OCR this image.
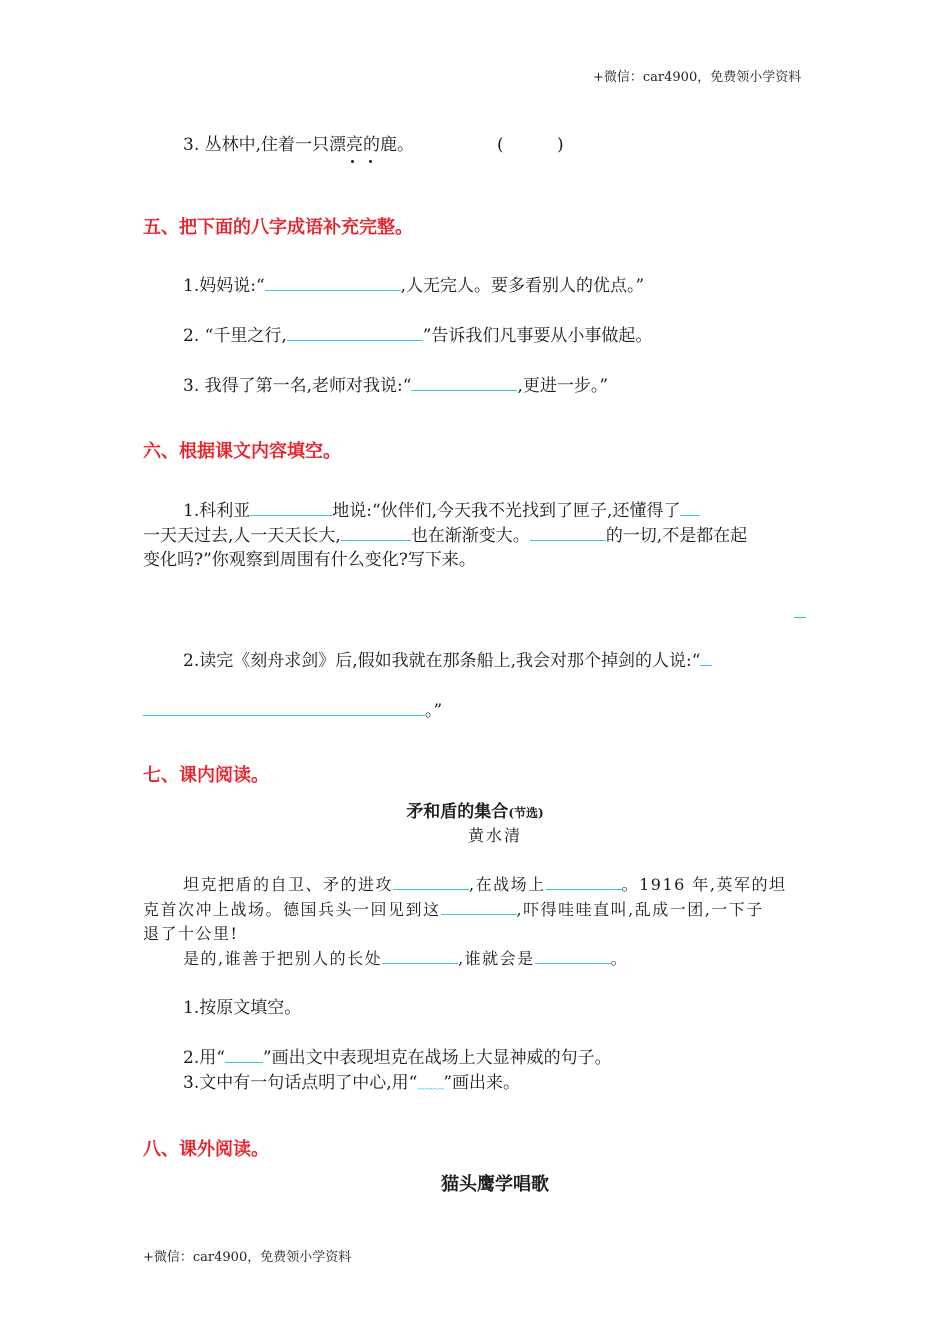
+微信：car4900，免费领小学资料
3. 丛林中,住着一只漂亮的鹿。	(	)
五、把下面的八字成语补充完整。
1.妈妈说:“	,人无完人。要多看别人的优点。”
2. “千里之行,	”告诉我们凡事要从小事做起。
3. 我得了第一名,老师对我说:“	,更进一步。”
六、根据课文内容填空。
1.科利亚	地说:“伙伴们,今天我不光找到了匣子,还懂得了
一天天过去,人一天天长大,	也在渐渐变大。	的一切,不是都在起
变化吗?”你观察到周围有什么变化?写下来。
2.读完《刻舟求剑》后,假如我就在那条船上,我会对那个掉剑的人说:“
。”
七、课内阅读。
矛和盾的集合(节选)
黄水清
坦克把盾的自卫、矛的进攻	,在战场上	。1916 年,英军的坦
克首次冲上战场。德国兵头一回见到这	,吓得哇哇直叫,乱成一团,一下子
退了十公里!
是的,谁善于把别人的长处	,谁就会是	。
1.按原文填空。
2.用“ ”画出文中表现坦克在战场上大显神威的句子。
3.文中有一句话点明了中心,用“﹏﹏”画出来。
八、课外阅读。
猫头鹰学唱歌
+微信：car4900，免费领小学资料
